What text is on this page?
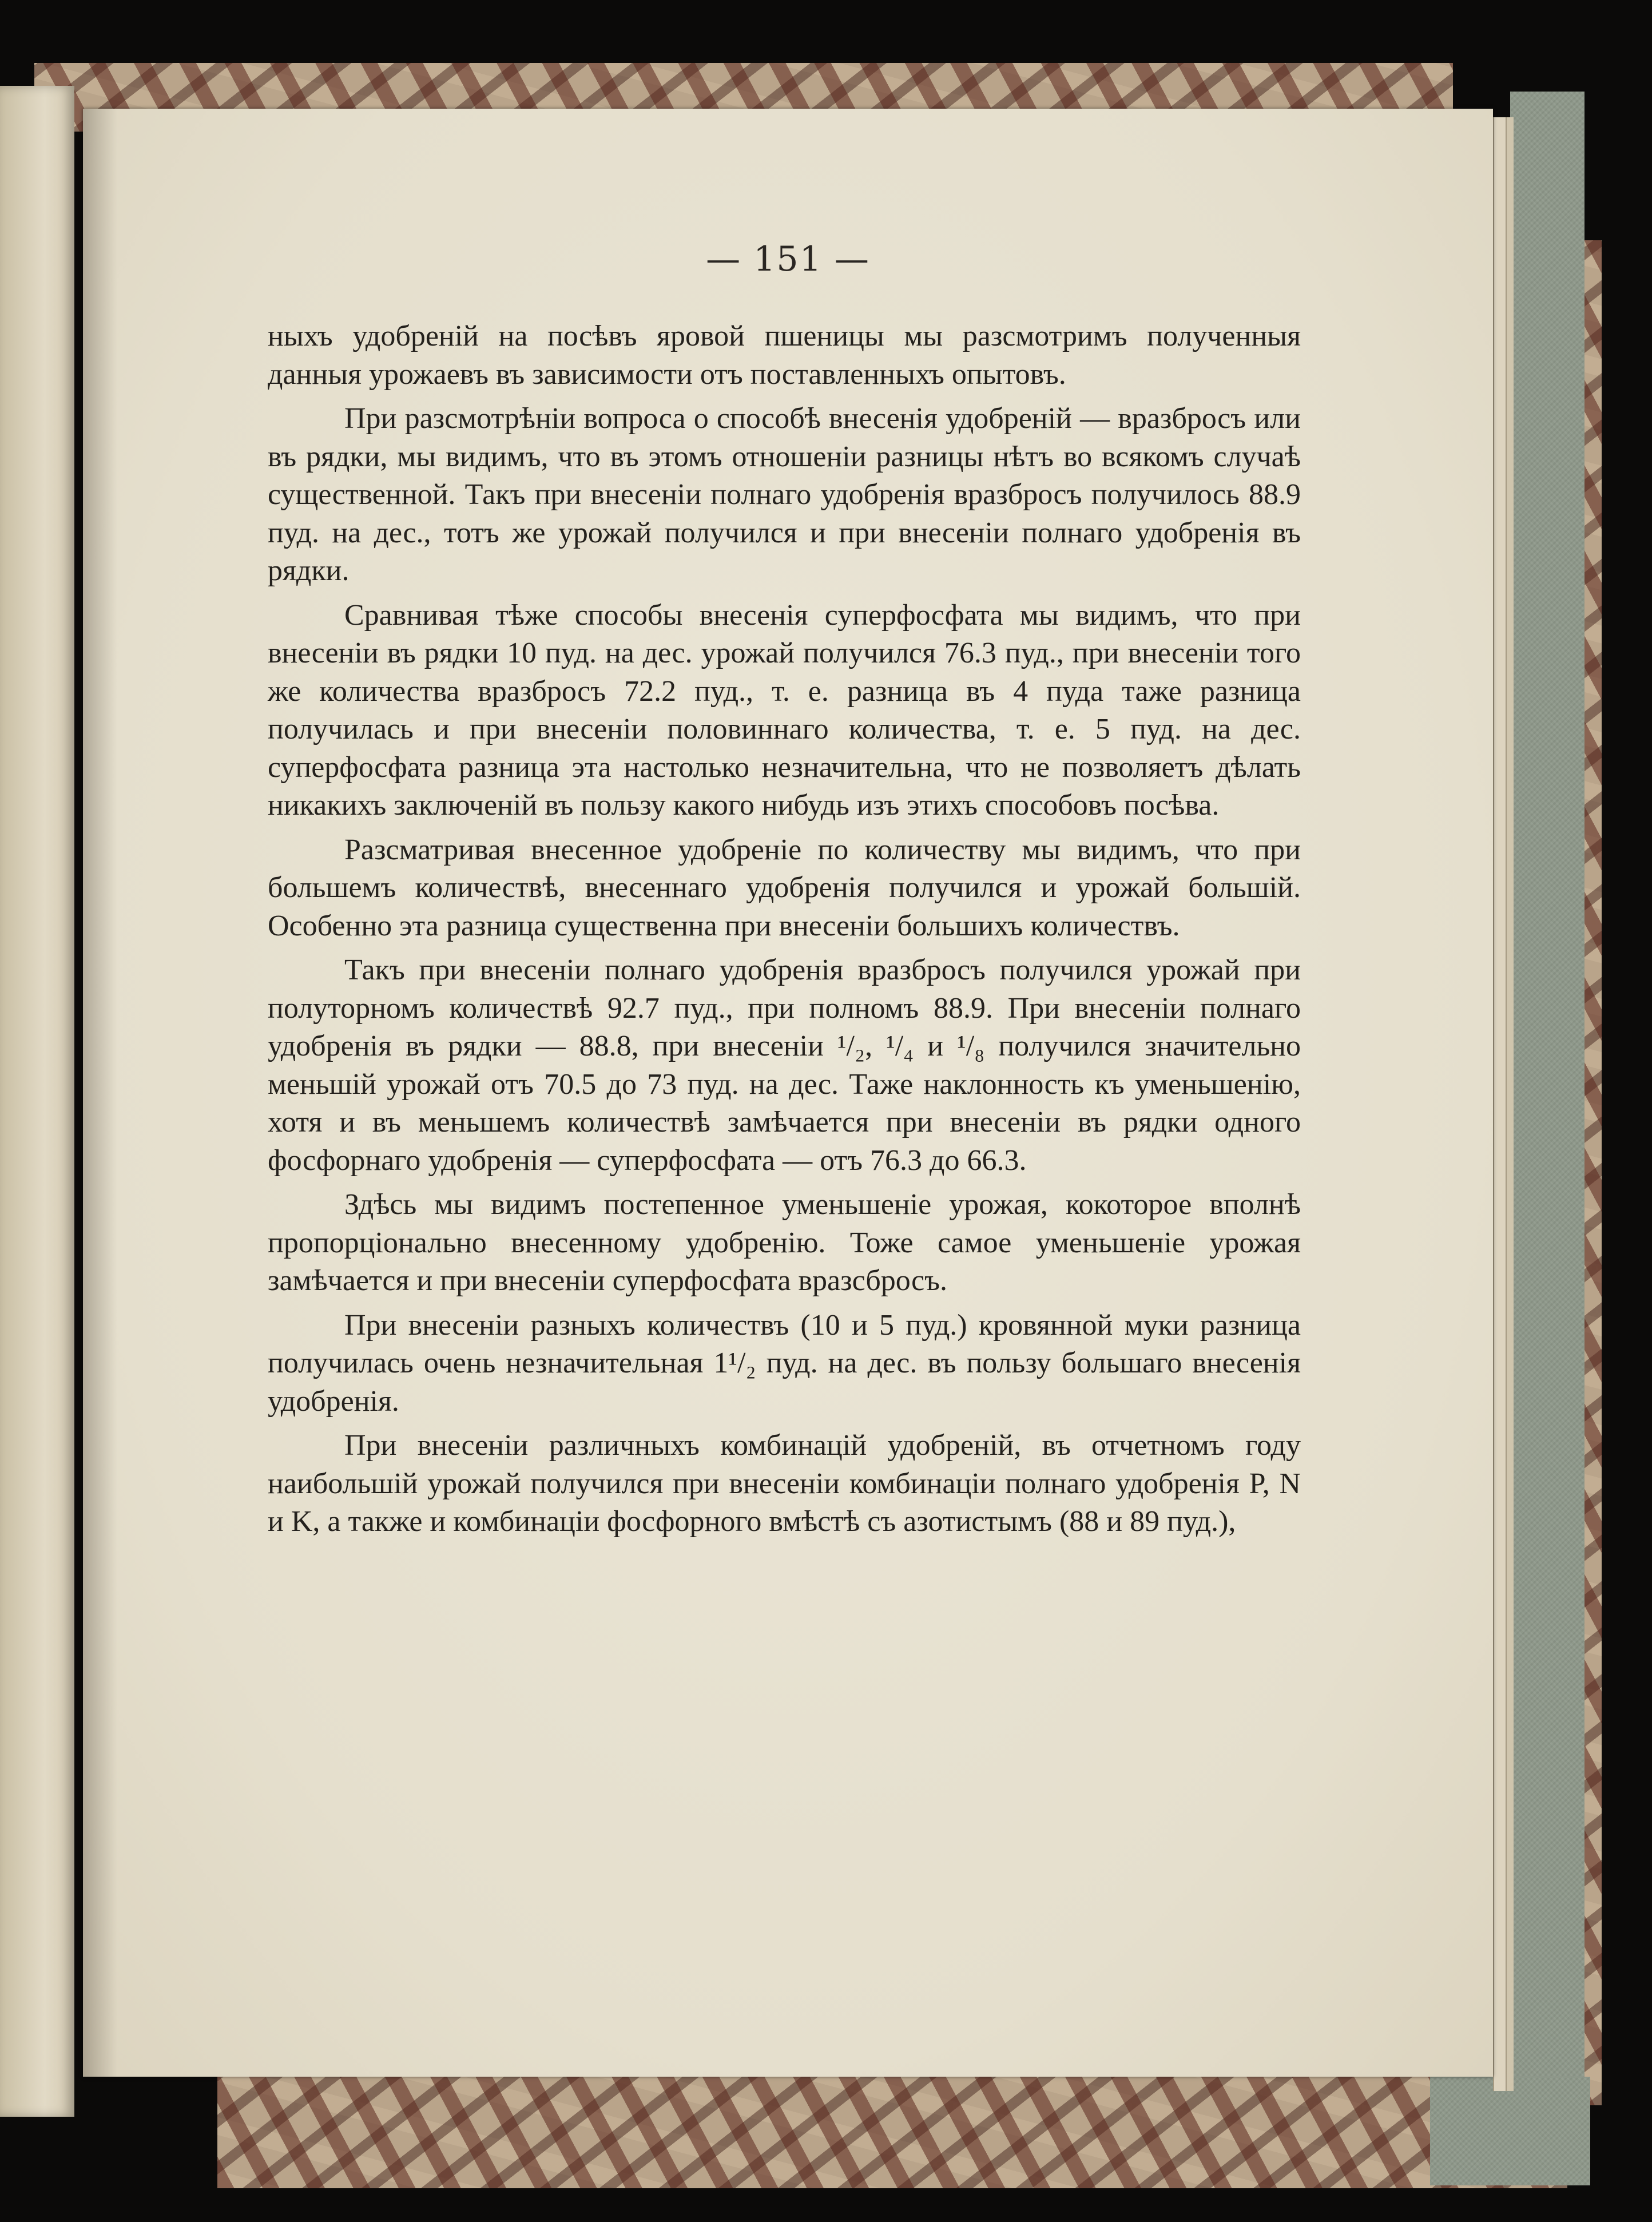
— 151 —

ныхъ удобреній на посѣвъ яровой пшеницы мы разсмотримъ полученныя данныя урожаевъ въ зависимости отъ поставленныхъ опытовъ.

При разсмотрѣніи вопроса о способѣ внесенія удобреній — вразбросъ или въ рядки, мы видимъ, что въ этомъ отношеніи разницы нѣтъ во всякомъ случаѣ существенной. Такъ при внесеніи полнаго удобренія вразбросъ получилось 88.9 пуд. на дес., тотъ же урожай получился и при внесеніи полнаго удобренія въ рядки.

Сравнивая тѣже способы внесенія суперфосфата мы видимъ, что при внесеніи въ рядки 10 пуд. на дес. урожай получился 76.3 пуд., при внесеніи того же количества вразбросъ 72.2 пуд., т. е. разница въ 4 пуда таже разница получилась и при внесеніи половиннаго количества, т. е. 5 пуд. на дес. суперфосфата разница эта настолько незначительна, что не позволяетъ дѣлать никакихъ заключеній въ пользу какого нибудь изъ этихъ способовъ посѣва.

Разсматривая внесенное удобреніе по количеству мы видимъ, что при большемъ количествѣ, внесеннаго удобренія получился и урожай большій. Особенно эта разница существенна при внесеніи большихъ количествъ.

Такъ при внесеніи полнаго удобренія вразбросъ получился урожай при полуторномъ количествѣ 92.7 пуд., при полномъ 88.9. При внесеніи полнаго удобренія въ рядки — 88.8, при внесеніи ¹/₂, ¹/₄ и ¹/₈ получился значительно меньшій урожай отъ 70.5 до 73 пуд. на дес. Таже наклонность къ уменьшенію, хотя и въ меньшемъ количествѣ замѣчается при внесеніи въ рядки одного фосфорнаго удобренія — суперфосфата — отъ 76.3 до 66.3.

Здѣсь мы видимъ постепенное уменьшеніе урожая, кокоторое вполнѣ пропорціонально внесенному удобренію. Тоже самое уменьшеніе урожая замѣчается и при внесеніи суперфосфата вразсбросъ.

При внесеніи разныхъ количествъ (10 и 5 пуд.) кровянной муки разница получилась очень незначительная 1¹/₂ пуд. на дес. въ пользу большаго внесенія удобренія.

При внесеніи различныхъ комбинацій удобреній, въ отчетномъ году наибольшій урожай получился при внесеніи комбинаціи полнаго удобренія P, N и K, а также и комбинаціи фосфорного вмѣстѣ съ азотистымъ (88 и 89 пуд.),
